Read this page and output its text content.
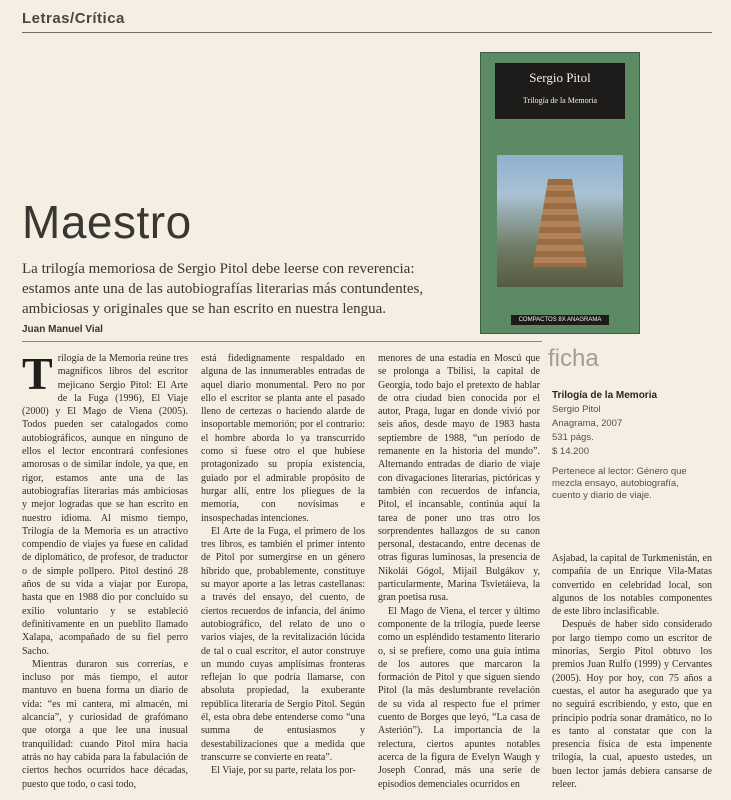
Letras/Crítica
Sergio Pitol
Trilogía de la Memoria
COMPACTOS 8X ANAGRAMA
Maestro
La trilogía memoriosa de Sergio Pitol debe leerse con reverencia: estamos ante una de las autobiografías literarias más contundentes, ambiciosas y originales que se han escrito en nuestra lengua.
Juan Manuel Vial

Trilogía de la Memoria reúne tres magníficos libros del escritor mejicano Sergio Pitol: El Arte de la Fuga (1996), El Viaje (2000) y El Mago de Viena (2005). Todos pueden ser catalogados como autobiográficos, aunque en ninguno de ellos el lector encontrará confesiones amorosas o de similar índole, ya que, en rigor, estamos ante una de las autobiografías literarias más ambiciosas y mejor logradas que se han escrito en nuestro idioma. Al mismo tiempo, Trilogía de la Memoria es un atractivo compendio de viajes ya fuese en calidad de diplomático, de profesor, de traductor o de simple pollpero. Pitol destinó 28 años de su vida a viajar por Europa, hasta que en 1988 dio por concluido su exilio voluntario y se estableció definitivamente en un pueblito llamado Xalapa, acompañado de su fiel perro Sacho.

Mientras duraron sus correrías, e incluso por más tiempo, el autor mantuvo en buena forma un diario de vida: “es mi cantera, mi almacén, mi alcancía”, y curiosidad de grafómano que otorga a que lee una inusual tranquilidad: cuando Pitol mira hacia atrás no hay cabida para la fabulación de ciertos hechos ocurridos hace décadas, puesto que todo, o casi todo,

está fidedignamente respaldado en alguna de las innumerables entradas de aquel diario monumental. Pero no por ello el escritor se planta ante el pasado lleno de certezas o haciendo alarde de insoportable memorión; por el contrario: el hombre aborda lo ya transcurrido como si fuese otro el que hubiese protagonizado su propia existencia, guiado por el admirable propósito de hurgar allí, entre los pliegues de la memoria, con novísimas e insospechadas intenciones.

El Arte de la Fuga, el primero de los tres libros, es también el primer intento de Pitol por sumergirse en un género híbrido que, probablemente, constituye su mayor aporte a las letras castellanas: a través del ensayo, del cuento, de ciertos recuerdos de infancia, del ánimo autobiográfico, del relato de uno o varios viajes, de la revitalización lúcida de tal o cual escritor, el autor construye un mundo cuyas amplísimas fronteras reflejan lo que podría llamarse, con absoluta propiedad, la exuberante república literaria de Sergio Pitol. Según él, esta obra debe entenderse como “una summa de entusiasmos y desestabilizaciones que a medida que transcurre se convierte en reata”.

El Viaje, por su parte, relata los por-

menores de una estadía en Moscú que se prolonga a Tbilisi, la capital de Georgia, todo bajo el pretexto de hablar de otra ciudad bien conocida por el autor, Praga, lugar en donde vivió por seis años, desde mayo de 1983 hasta septiembre de 1988, “un período de remanente en la historia del mundo”. Alternando entradas de diario de viaje con divagaciones literarias, pictóricas y también con recuerdos de infancia, Pitol, el incansable, continúa aquí la tarea de poner uno tras otro los sorprendentes hallazgos de su canon personal, destacando, entre decenas de otras figuras luminosas, la presencia de Nikolái Gógol, Mijaíl Bulgákov y, particularmente, Marina Tsvietáieva, la gran poetisa rusa.

El Mago de Viena, el tercer y último componente de la trilogía, puede leerse como un espléndido testamento literario o, si se prefiere, como una guía íntima de los autores que marcaron la formación de Pitol y que siguen siendo Pitol (la más deslumbrante revelación de su vida al respecto fue el primer cuento de Borges que leyó, “La casa de Asterión”). La importancia de la relectura, ciertos apuntes notables acerca de la figura de Evelyn Waugh y Joseph Conrad, más una serie de episodios demenciales ocurridos en

ficha
Trilogía de la Memoria
Sergio Pitol
Anagrama, 2007
531 págs.
$ 14.200
Pertenece al lector: Género que mezcla ensayo, autobiografía, cuento y diario de viaje.

Asjabad, la capital de Turkmenistán, en compañía de un Enrique Vila-Matas convertido en celebridad local, son algunos de los notables componentes de este libro inclasificable.

Después de haber sido considerado por largo tiempo como un escritor de minorías, Sergio Pitol obtuvo los premios Juan Rulfo (1999) y Cervantes (2005). Hoy por hoy, con 75 años a cuestas, el autor ha asegurado que ya no seguirá escribiendo, y esto, que en principio podría sonar dramático, no lo es tanto al constatar que con la presencia física de esta impenente trilogía, la cual, apuesto ustedes, un buen lector jamás debiera cansarse de releer.
